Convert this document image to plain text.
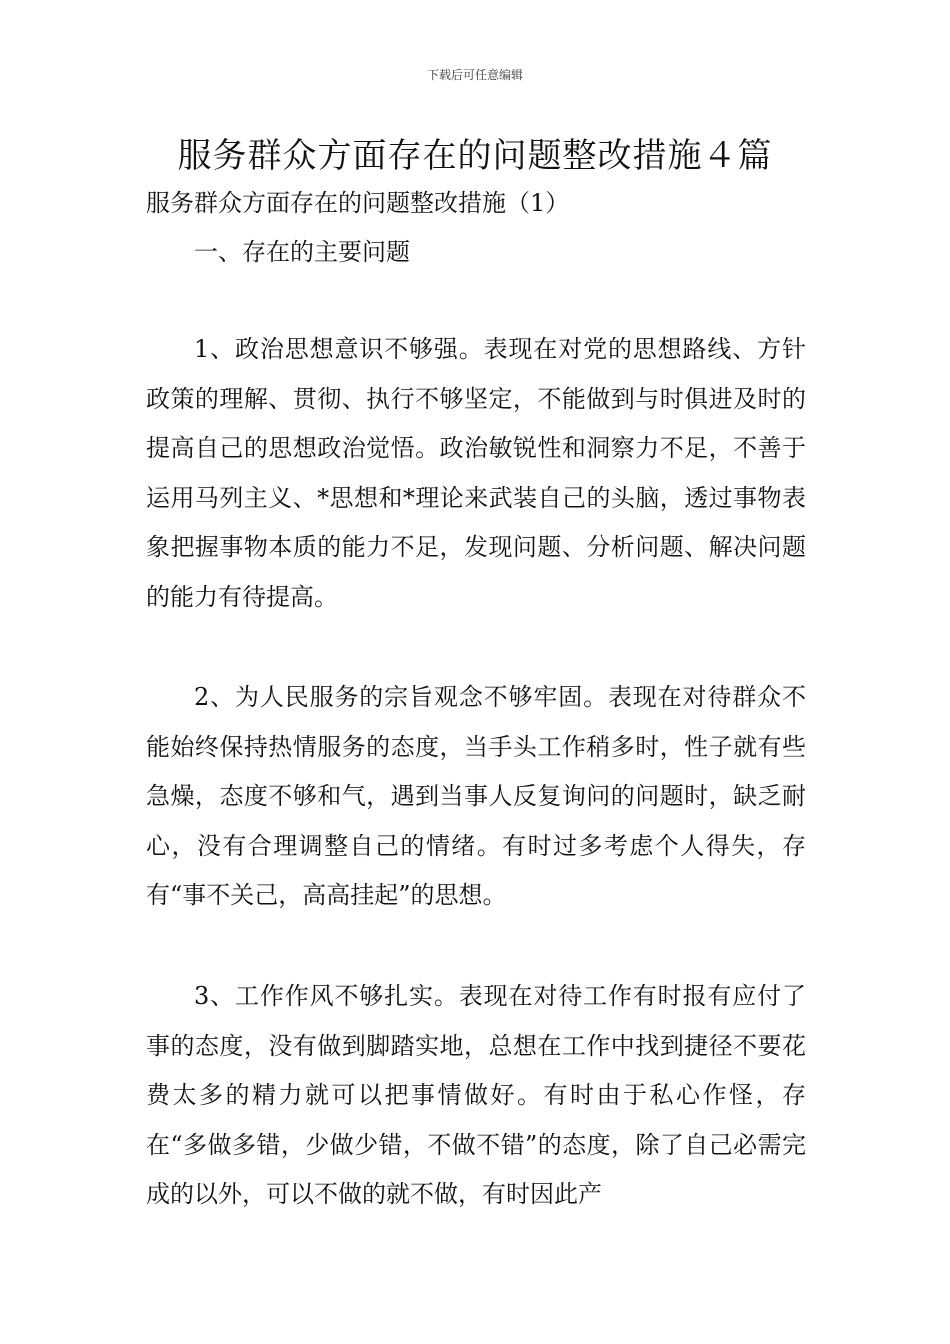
下载后可任意编辑
服务群众方面存在的问题整改措施４篇
服务群众方面存在的问题整改措施（1）
一、存在的主要问题

1、政治思想意识不够强。表现在对党的思想路线、方针政策的理解、贯彻、执行不够坚定，不能做到与时俱进及时的提高自己的思想政治觉悟。政治敏锐性和洞察力不足，不善于运用马列主义、*思想和*理论来武装自己的头脑，透过事物表象把握事物本质的能力不足，发现问题、分析问题、解决问题的能力有待提高。

2、为人民服务的宗旨观念不够牢固。表现在对待群众不能始终保持热情服务的态度，当手头工作稍多时，性子就有些急燥，态度不够和气，遇到当事人反复询问的问题时，缺乏耐心，没有合理调整自己的情绪。有时过多考虑个人得失，存有“事不关己，高高挂起”的思想。

3、工作作风不够扎实。表现在对待工作有时报有应付了事的态度，没有做到脚踏实地，总想在工作中找到捷径不要花费太多的精力就可以把事情做好。有时由于私心作怪，存在“多做多错，少做少错，不做不错”的态度，除了自己必需完成的以外，可以不做的就不做，有时因此产
